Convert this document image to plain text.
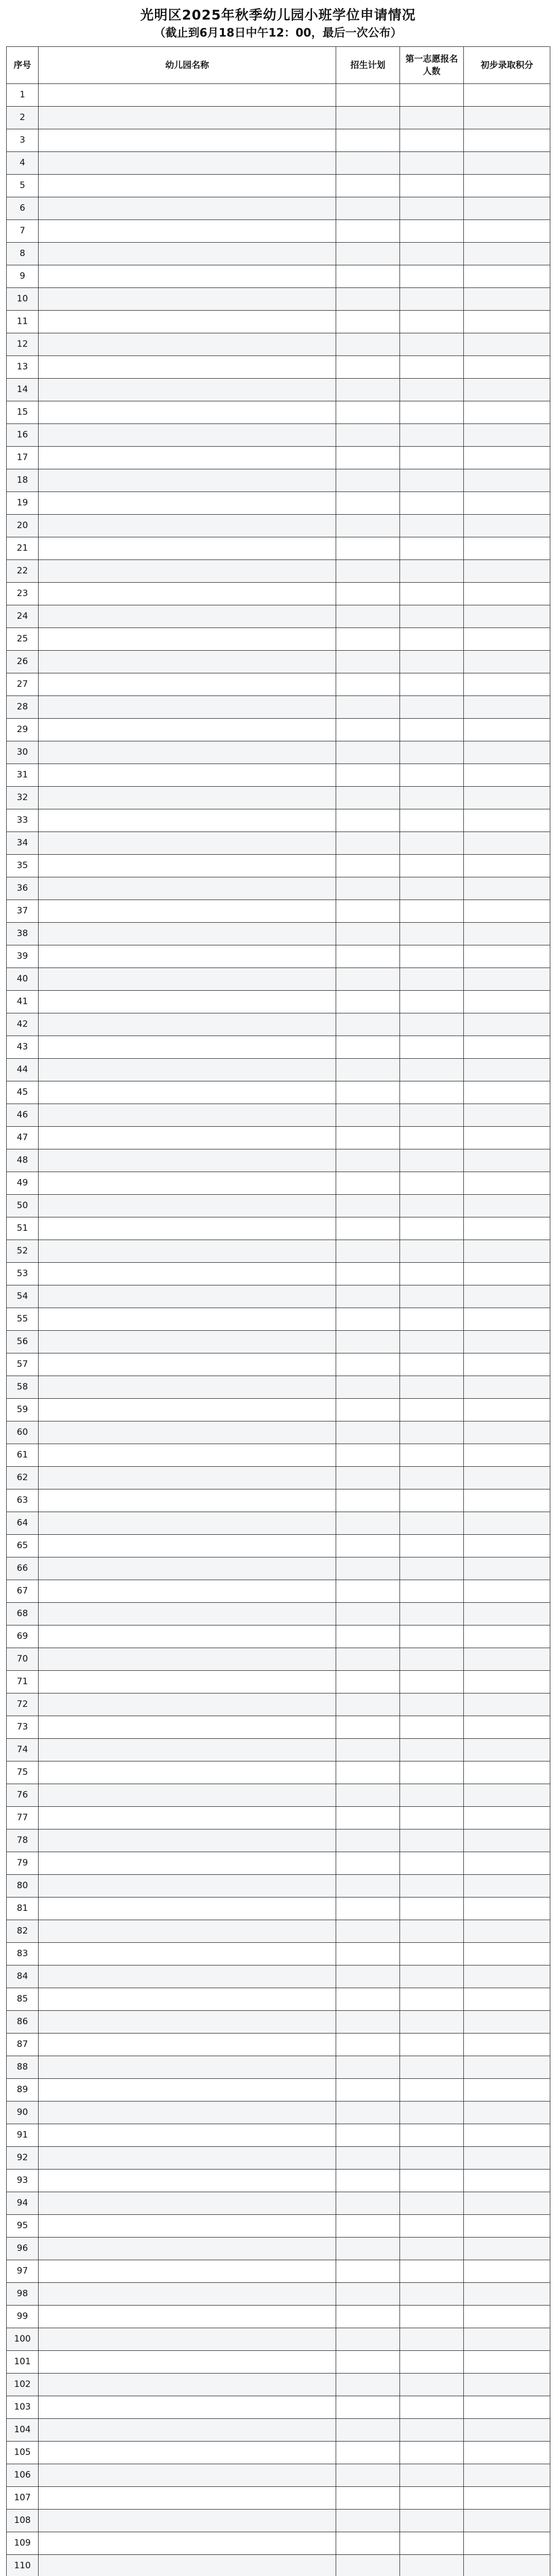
光明区2025年秋季幼儿园小班学位申请情况
（截止到6月18日中午12：00，最后一次公布）
序号	幼儿园名称	招生计划	第一志愿报名人数	初步录取积分
1				
2				
3				
4				
5				
6				
7				
8				
9				
10				
11				
12				
13				
14				
15				
16				
17				
18				
19				
20				
21				
22				
23				
24				
25				
26				
27				
28				
29				
30				
31				
32				
33				
34				
35				
36				
37				
38				
39				
40				
41				
42				
43				
44				
45				
46				
47				
48				
49				
50				
51				
52				
53				
54				
55				
56				
57				
58				
59				
60				
61				
62				
63				
64				
65				
66				
67				
68				
69				
70				
71				
72				
73				
74				
75				
76				
77				
78				
79				
80				
81				
82				
83				
84				
85				
86				
87				
88				
89				
90				
91				
92				
93				
94				
95				
96				
97				
98				
99				
100				
101				
102				
103				
104				
105				
106				
107				
108				
109				
110				
